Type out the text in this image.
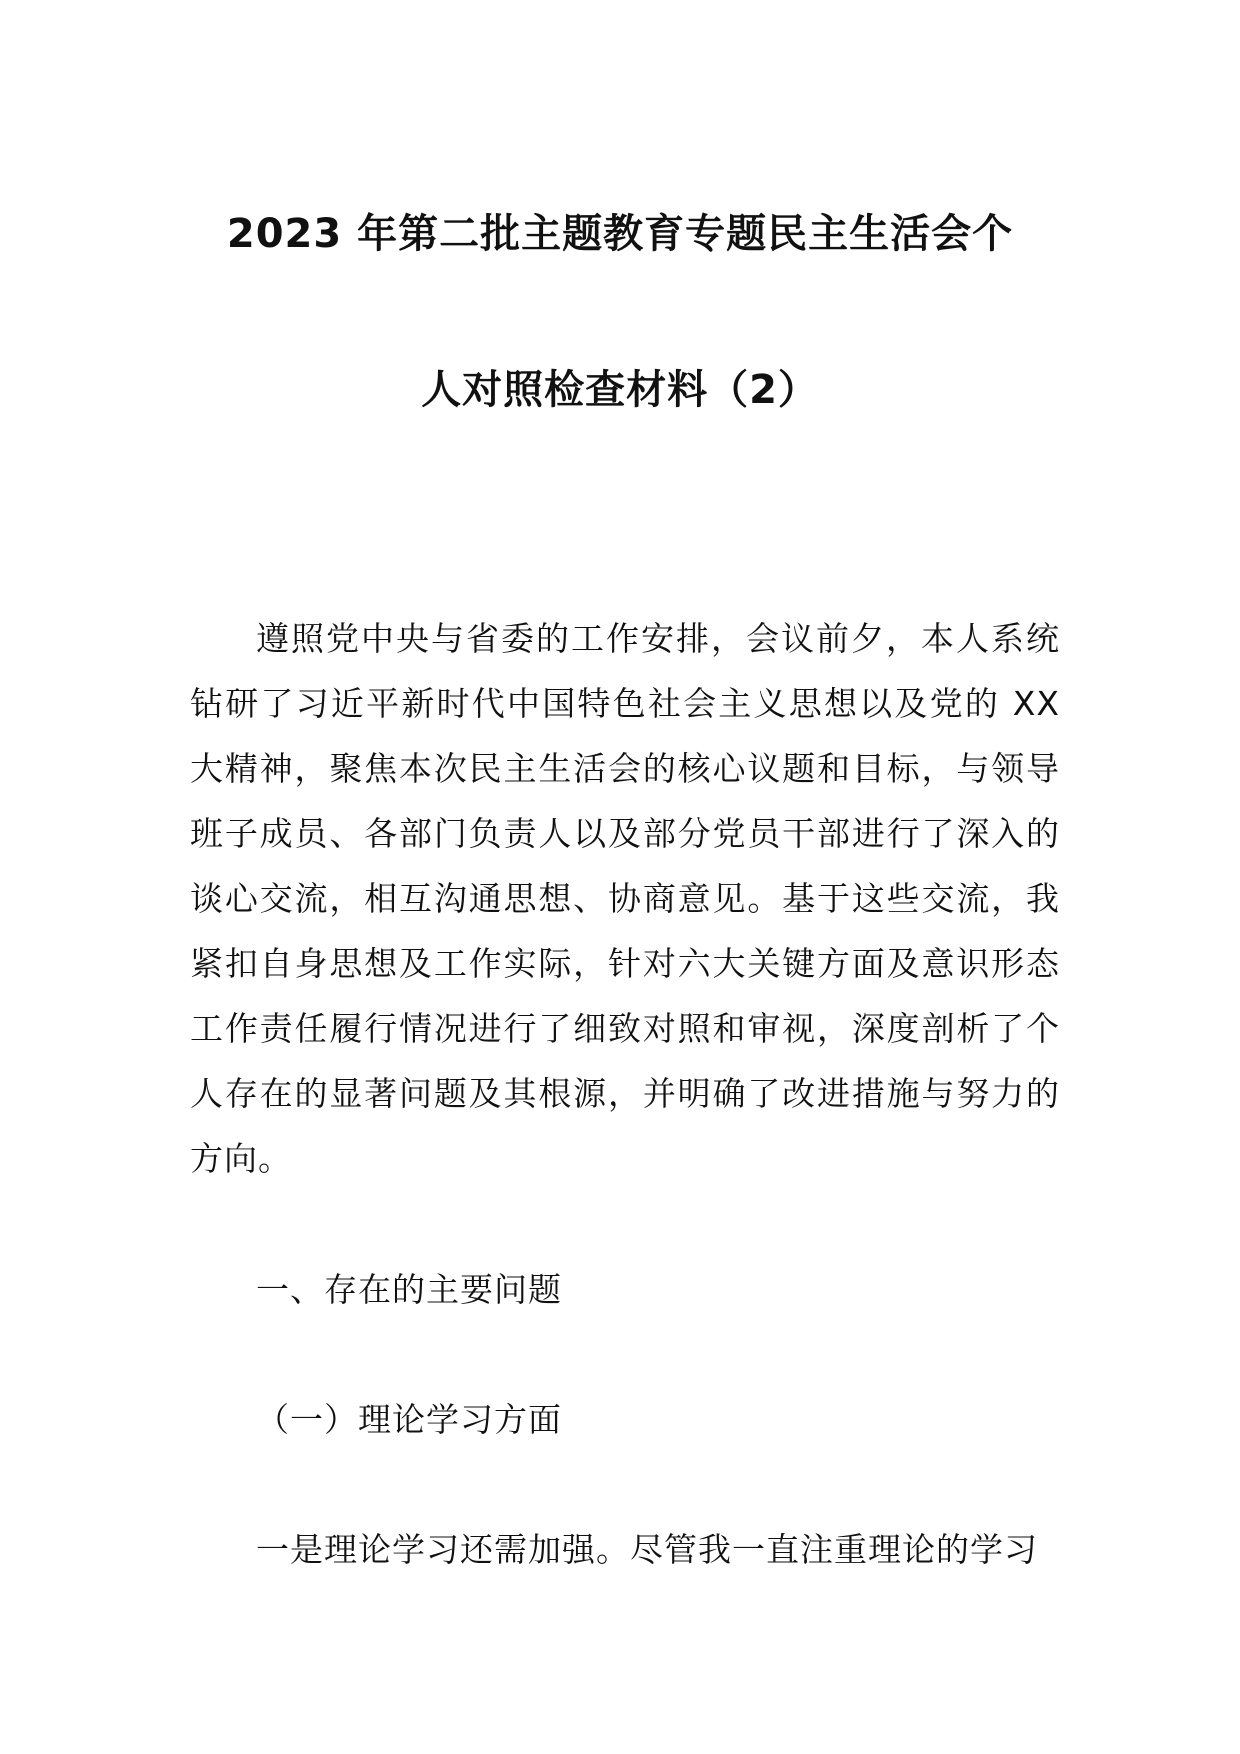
2023 年第二批主题教育专题民主生活会个
人对照检查材料（2）
遵照党中央与省委的工作安排，会议前夕，本人系统钻研了习近平新时代中国特色社会主义思想以及党的 XX 大精神，聚焦本次民主生活会的核心议题和目标，与领导班子成员、各部门负责人以及部分党员干部进行了深入的谈心交流，相互沟通思想、协商意见。基于这些交流，我紧扣自身思想及工作实际，针对六大关键方面及意识形态工作责任履行情况进行了细致对照和审视，深度剖析了个人存在的显著问题及其根源，并明确了改进措施与努力的方向。
一、存在的主要问题
（一）理论学习方面
一是理论学习还需加强。尽管我一直注重理论的学习
